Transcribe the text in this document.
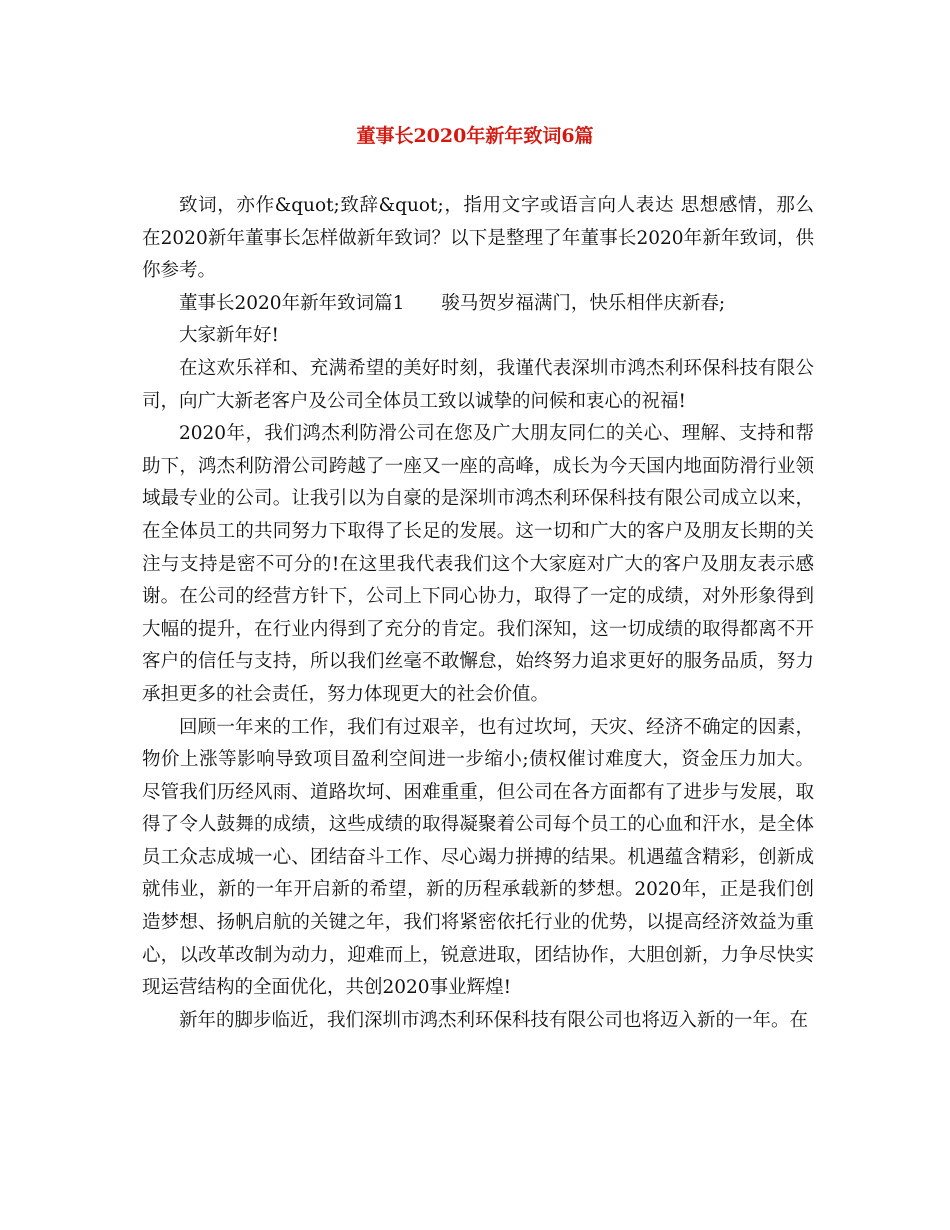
董事长2020年新年致词6篇

致词，亦作&quot;致辞&quot;，指用文字或语言向人表达 思想感情，那么在2020新年董事长怎样做新年致词？以下是整理了年董事长2020年新年致词，供你参考。

董事长2020年新年致词篇1　　骏马贺岁福满门，快乐相伴庆新春;

大家新年好!

在这欢乐祥和、充满希望的美好时刻，我谨代表深圳市鸿杰利环保科技有限公司，向广大新老客户及公司全体员工致以诚挚的问候和衷心的祝福!

2020年，我们鸿杰利防滑公司在您及广大朋友同仁的关心、理解、支持和帮助下，鸿杰利防滑公司跨越了一座又一座的高峰，成长为今天国内地面防滑行业领域最专业的公司。让我引以为自豪的是深圳市鸿杰利环保科技有限公司成立以来，在全体员工的共同努力下取得了长足的发展。这一切和广大的客户及朋友长期的关注与支持是密不可分的!在这里我代表我们这个大家庭对广大的客户及朋友表示感谢。在公司的经营方针下，公司上下同心协力，取得了一定的成绩，对外形象得到大幅的提升，在行业内得到了充分的肯定。我们深知，这一切成绩的取得都离不开客户的信任与支持，所以我们丝毫不敢懈怠，始终努力追求更好的服务品质，努力承担更多的社会责任，努力体现更大的社会价值。

回顾一年来的工作，我们有过艰辛，也有过坎坷，天灾、经济不确定的因素，物价上涨等影响导致项目盈利空间进一步缩小;债权催讨难度大，资金压力加大。尽管我们历经风雨、道路坎坷、困难重重，但公司在各方面都有了进步与发展，取得了令人鼓舞的成绩，这些成绩的取得凝聚着公司每个员工的心血和汗水，是全体员工众志成城一心、团结奋斗工作、尽心竭力拼搏的结果。机遇蕴含精彩，创新成就伟业，新的一年开启新的希望，新的历程承载新的梦想。2020年，正是我们创造梦想、扬帆启航的关键之年，我们将紧密依托行业的优势，以提高经济效益为重心，以改革改制为动力，迎难而上，锐意进取，团结协作，大胆创新，力争尽快实现运营结构的全面优化，共创2020事业辉煌!

新年的脚步临近，我们深圳市鸿杰利环保科技有限公司也将迈入新的一年。在
